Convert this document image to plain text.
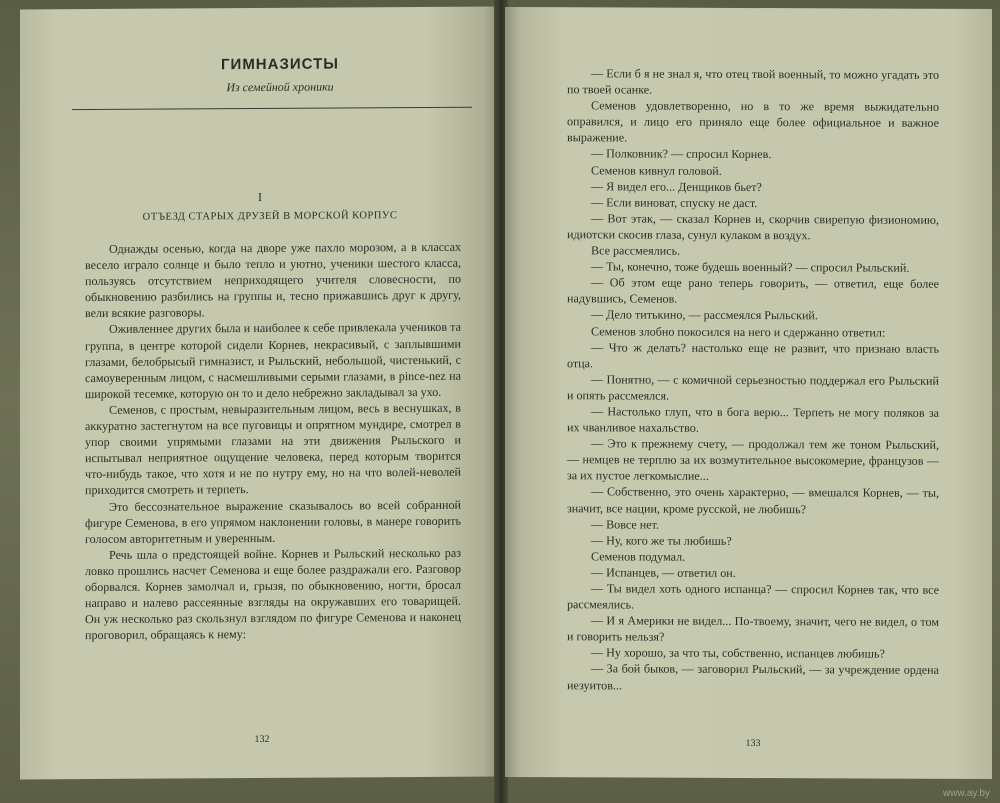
ГИМНАЗИСТЫ
Из семейной хроники
I
ОТЪЕЗД СТАРЫХ ДРУЗЕЙ В МОРСКОЙ КОРПУС

Однажды осенью, когда на дворе уже пахло морозом, а в классах весело играло солнце и было тепло и уютно, ученики шестого класса, пользуясь отсутствием неприходящего учителя словесности, по обыкновению разбились на группы и, тесно прижавшись друг к другу, вели всякие разговоры.

Оживленнее других была и наиболее к себе привлекала учеников та группа, в центре которой сидели Корнев, некрасивый, с заплывшими глазами, белобрысый гимназист, и Рыльский, небольшой, чистенький, с самоуверенным лицом, с насмешливыми серыми глазами, в pince-nez на широкой тесемке, которую он то и дело небрежно закладывал за ухо.

Семенов, с простым, невыразительным лицом, весь в веснушках, в аккуратно застегнутом на все пуговицы и опрятном мундире, смотрел в упор своими упрямыми глазами на эти движения Рыльского и испытывал неприятное ощущение человека, перед которым творится что-нибудь такое, что хотя и не по нутру ему, но на что волей-неволей приходится смотреть и терпеть.

Это бессознательное выражение сказывалось во всей собранной фигуре Семенова, в его упрямом наклонении головы, в манере говорить голосом авторитетным и уверенным.

Речь шла о предстоящей войне. Корнев и Рыльский несколько раз ловко прошлись насчет Семенова и еще более раздражали его. Разговор оборвался. Корнев замолчал и, грызя, по обыкновению, ногти, бросал направо и налево рассеянные взгляды на окружавших его товарищей. Он уж несколько раз скользнул взглядом по фигуре Семенова и наконец проговорил, обращаясь к нему:

132

— Если б я не знал я, что отец твой военный, то можно угадать это по твоей осанке.

Семенов удовлетворенно, но в то же время выжидательно оправился, и лицо его приняло еще более официальное и важное выражение.

— Полковник? — спросил Корнев.

Семенов кивнул головой.

— Я видел его... Денщиков бьет?

— Если виноват, спуску не даст.

— Вот этак, — сказал Корнев и, скорчив свирепую физиономию, идиотски скосив глаза, сунул кулаком в воздух.

Все рассмеялись.

— Ты, конечно, тоже будешь военный? — спросил Рыльский.

— Об этом еще рано теперь говорить, — ответил, еще более надувшись, Семенов.

— Дело титькино, — рассмеялся Рыльский.

Семенов злобно покосился на него и сдержанно ответил:

— Что ж делать? настолько еще не развит, что признаю власть отца.

— Понятно, — с комичной серьезностью поддержал его Рыльский и опять рассмеялся.

— Настолько глуп, что в бога верю... Терпеть не могу поляков за их чванливое нахальство.

— Это к прежнему счету, — продолжал тем же тоном Рыльский, — немцев не терплю за их возмутительное высокомерие, французов — за их пустое легкомыслие...

— Собственно, это очень характерно, — вмешался Корнев, — ты, значит, все нации, кроме русской, не любишь?

— Вовсе нет.

— Ну, кого же ты любишь?

Семенов подумал.

— Испанцев, — ответил он.

— Ты видел хоть одного испанца? — спросил Корнев так, что все рассмеялись.

— И я Америки не видел... По-твоему, значит, чего не видел, о том и говорить нельзя?

— Ну хорошо, за что ты, собственно, испанцев любишь?

— За бой быков, — заговорил Рыльский, — за учреждение ордена иезуитов...

133
www.ay.by
